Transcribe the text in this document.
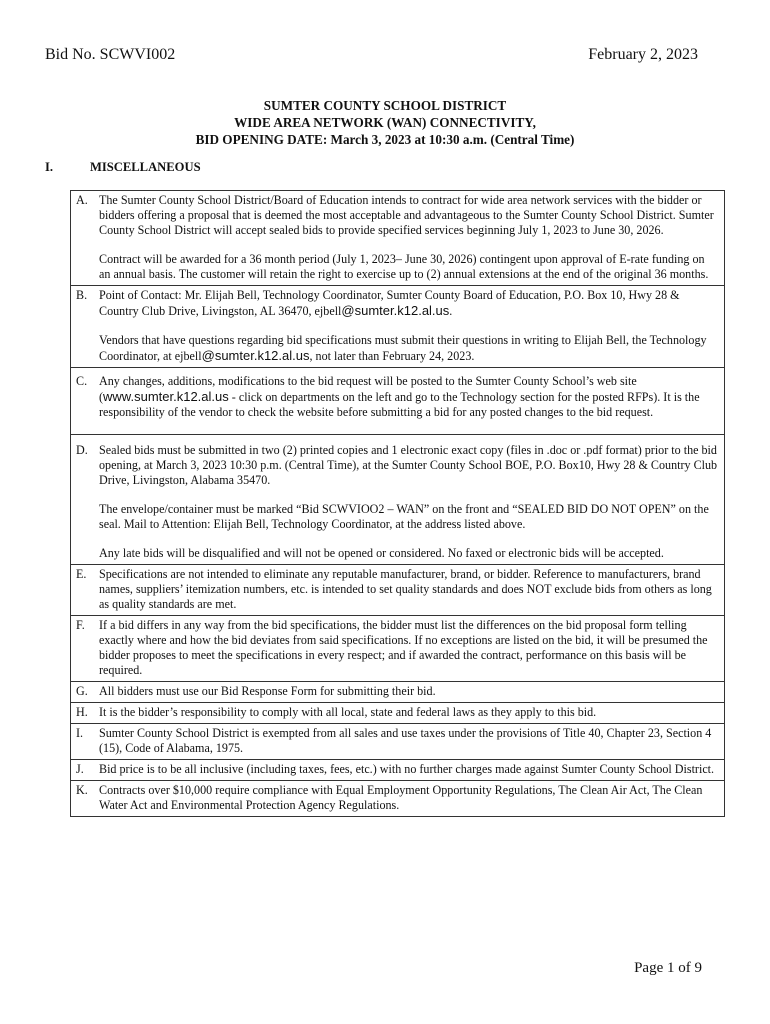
Bid No. SCWVI002	February 2, 2023
SUMTER COUNTY SCHOOL DISTRICT
WIDE AREA NETWORK (WAN) CONNECTIVITY,
BID OPENING DATE: March 3, 2023 at 10:30 a.m. (Central Time)
I.	MISCELLANEOUS
A. The Sumter County School District/Board of Education intends to contract for wide area network services with the bidder or bidders offering a proposal that is deemed the most acceptable and advantageous to the Sumter County School District. Sumter County School District will accept sealed bids to provide specified services beginning July 1, 2023 to June 30, 2026.

Contract will be awarded for a 36 month period (July 1, 2023– June 30, 2026) contingent upon approval of E-rate funding on an annual basis. The customer will retain the right to exercise up to (2) annual extensions at the end of the original 36 months.

B. Point of Contact: Mr. Elijah Bell, Technology Coordinator, Sumter County Board of Education, P.O. Box 10, Hwy 28 & Country Club Drive, Livingston, AL 36470, ejbell@sumter.k12.al.us.

Vendors that have questions regarding bid specifications must submit their questions in writing to Elijah Bell, the Technology Coordinator, at ejbell@sumter.k12.al.us, not later than February 24, 2023.

C. Any changes, additions, modifications to the bid request will be posted to the Sumter County School’s web site (www.sumter.k12.al.us - click on departments on the left and go to the Technology section for the posted RFPs). It is the responsibility of the vendor to check the website before submitting a bid for any posted changes to the bid request.

D. Sealed bids must be submitted in two (2) printed copies and 1 electronic exact copy (files in .doc or .pdf format) prior to the bid opening, at March 3, 2023 10:30 p.m. (Central Time), at the Sumter County School BOE, P.O. Box10, Hwy 28 & Country Club Drive, Livingston, Alabama 35470.

The envelope/container must be marked “Bid SCWVIOO2 – WAN” on the front and “SEALED BID DO NOT OPEN” on the seal. Mail to Attention: Elijah Bell, Technology Coordinator, at the address listed above.

Any late bids will be disqualified and will not be opened or considered. No faxed or electronic bids will be accepted.

E.	Specifications are not intended to eliminate any reputable manufacturer, brand, or bidder. Reference to manufacturers, brand names, suppliers’ itemization numbers, etc. is intended to set quality standards and does NOT exclude bids from others as long as quality standards are met.

F.	If a bid differs in any way from the bid specifications, the bidder must list the differences on the bid proposal form telling exactly where and how the bid deviates from said specifications. If no exceptions are listed on the bid, it will be presumed the bidder proposes to meet the specifications in every respect; and if awarded the contract, performance on this basis will be required.

G. All bidders must use our Bid Response Form for submitting their bid.

H. It is the bidder’s responsibility to comply with all local, state and federal laws as they apply to this bid.

I.	Sumter County School District is exempted from all sales and use taxes under the provisions of Title 40, Chapter 23, Section 4 (15), Code of Alabama, 1975.

J.	Bid price is to be all inclusive (including taxes, fees, etc.) with no further charges made against Sumter County School District.

K. Contracts over $10,000 require compliance with Equal Employment Opportunity Regulations, The Clean Air Act, The Clean Water Act and Environmental Protection Agency Regulations.

Page 1 of 9
